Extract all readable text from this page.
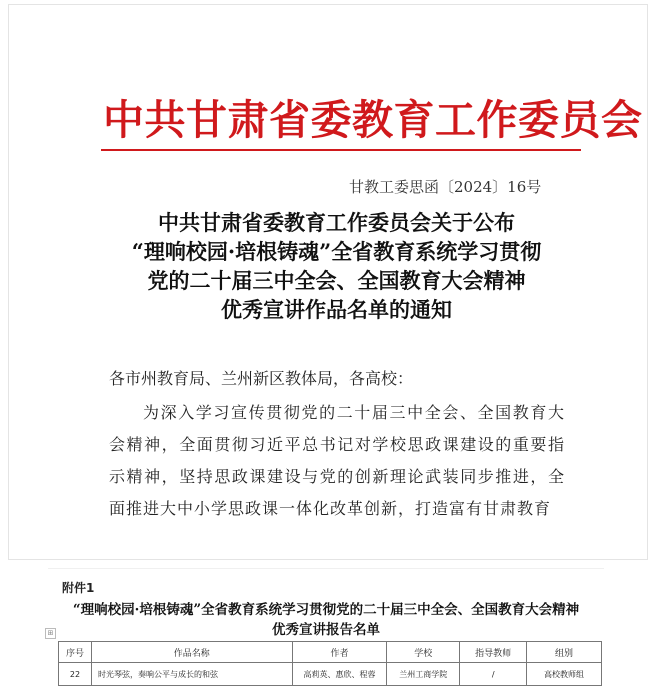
中共甘肃省委教育工作委员会
甘教工委思函〔2024〕16号
中共甘肃省委教育工作委员会关于公布
“理响校园·培根铸魂”全省教育系统学习贯彻
党的二十届三中全会、全国教育大会精神
优秀宣讲作品名单的通知
各市州教育局、兰州新区教体局，各高校：
为深入学习宣传贯彻党的二十届三中全会、全国教育大会精神，全面贯彻习近平总书记对学校思政课建设的重要指示精神，坚持思政课建设与党的创新理论武装同步推进，全面推进大中小学思政课一体化改革创新，打造富有甘肃教育
附件1
“理响校园·培根铸魂”全省教育系统学习贯彻党的二十届三中全会、全国教育大会精神
优秀宣讲报告名单
⊞
序号	作品名称	作者	学校	指导教师	组别
22	时光琴弦，奏响公平与成长的和弦	高莉英、惠欣、程蓉	兰州工商学院	/	高校教师组
